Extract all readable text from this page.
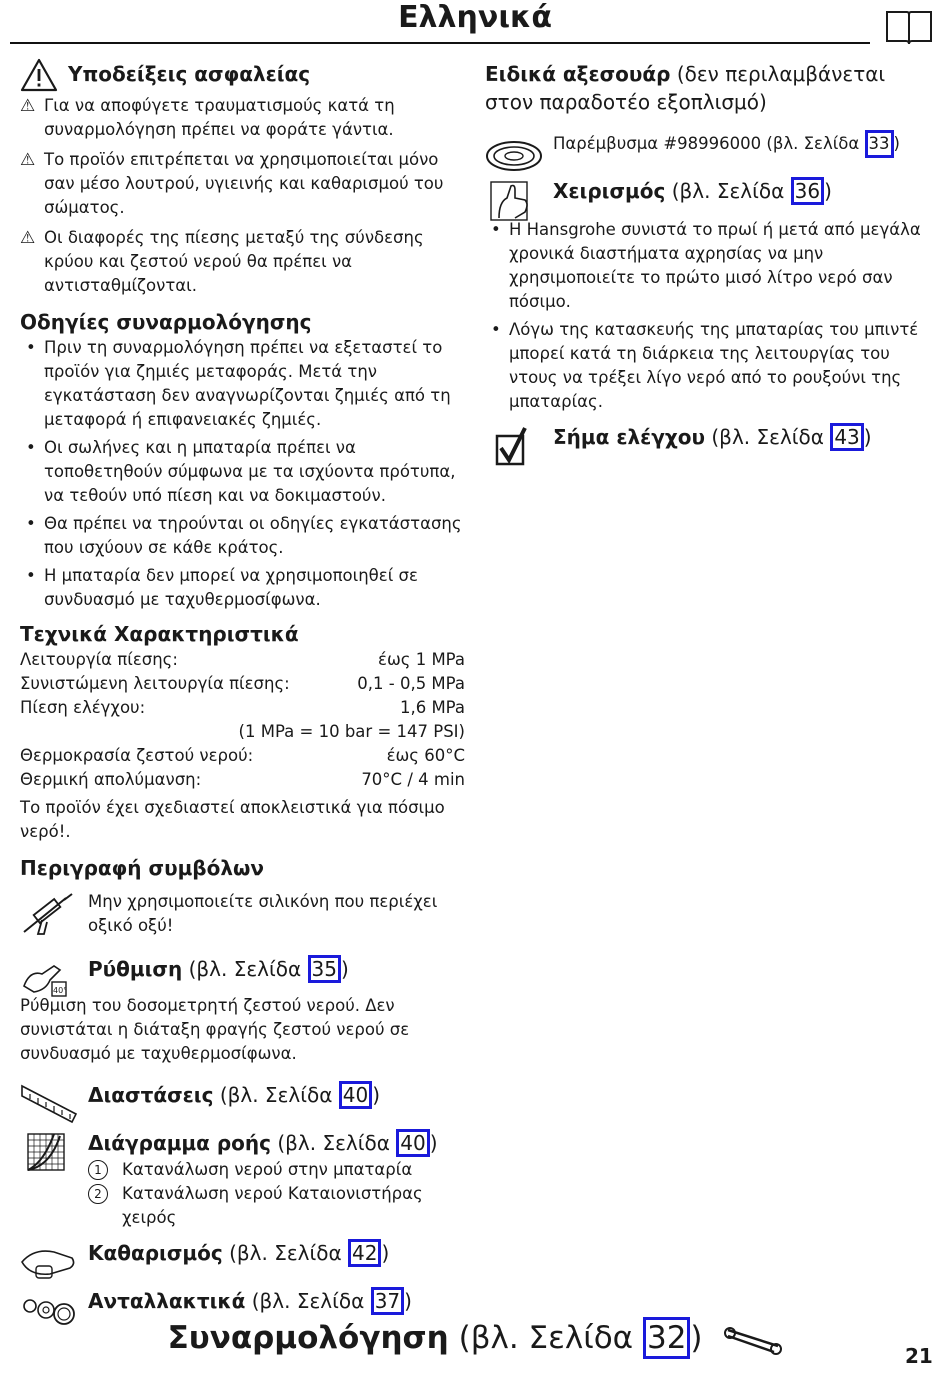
Ελληνικά
Υποδείξεις ασφαλείας
⚠ Για να αποφύγετε τραυματισμούς κατά τη συναρμολόγηση πρέπει να φοράτε γάντια.
⚠ Το προϊόν επιτρέπεται να χρησιμοποιείται μόνο σαν μέσο λουτρού, υγιεινής και καθαρισμού του σώματος.
⚠ Οι διαφορές της πίεσης μεταξύ της σύνδεσης κρύου και ζεστού νερού θα πρέπει να αντισταθμίζονται.
Οδηγίες συναρμολόγησης
• Πριν τη συναρμολόγηση πρέπει να εξεταστεί το προϊόν για ζημιές μεταφοράς. Μετά την εγκατάσταση δεν αναγνωρίζονται ζημιές από τη μεταφορά ή επιφανειακές ζημιές.
• Οι σωλήνες και η μπαταρία πρέπει να τοποθετηθούν σύμφωνα με τα ισχύοντα πρότυπα, να τεθούν υπό πίεση και να δοκιμαστούν.
• Θα πρέπει να τηρούνται οι οδηγίες εγκατάστασης που ισχύουν σε κάθε κράτος.
• Η μπαταρία δεν μπορεί να χρησιμοποιηθεί σε συνδυασμό με ταχυθερμοσίφωνα.
Τεχνικά Χαρακτηριστικά
Λειτουργία πίεσης:	έως 1 MPa
Συνιστώμενη λειτουργία πίεσης:	0,1 - 0,5 MPa
Πίεση ελέγχου:	1,6 MPa
(1 MPa = 10 bar = 147 PSI)
Θερμοκρασία ζεστού νερού:	έως 60°C
Θερμική απολύμανση:	70°C / 4 min

Το προϊόν έχει σχεδιαστεί αποκλειστικά για πόσιμο νερό!.

Περιγραφή συμβόλων
Μην χρησιμοποιείτε σιλικόνη που περιέχει οξικό οξύ!
40°
Ρύθμιση (βλ. Σελίδα 35 )

Ρύθμιση του δοσομετρητή ζεστού νερού. Δεν συνιστάται η διάταξη φραγής ζεστού νερού σε συνδυασμό με ταχυθερμοσίφωνα.

Διαστάσεις (βλ. Σελίδα 40 )
Διάγραμμα ροής (βλ. Σελίδα 40 )
1	Κατανάλωση νερού στην μπαταρία
2	Κατανάλωση νερού Καταιονιστήρας χειρός
Καθαρισμός (βλ. Σελίδα 42 )
Ανταλλακτικά (βλ. Σελίδα 37 )
Ειδικά αξεσουάρ (δεν περιλαμβάνεται στον παραδοτέο εξοπλισμό)
Παρέμβυσμα #98996000 (βλ. Σελίδα 33 )
Χειρισμός (βλ. Σελίδα 36 )
• Η Hansgrohe συνιστά το πρωί ή μετά από μεγάλα χρονικά διαστήματα αχρησίας να μην χρησιμοποιείτε το πρώτο μισό λίτρο νερό σαν πόσιμο.
• Λόγω της κατασκευής της μπαταρίας του μπιντέ μπορεί κατά τη διάρκεια της λειτουργίας του ντους να τρέξει λίγο νερό από το ρουξούνι της μπαταρίας.
Σήμα ελέγχου (βλ. Σελίδα 43 )
Συναρμολόγηση (βλ. Σελίδα 32 )	21
